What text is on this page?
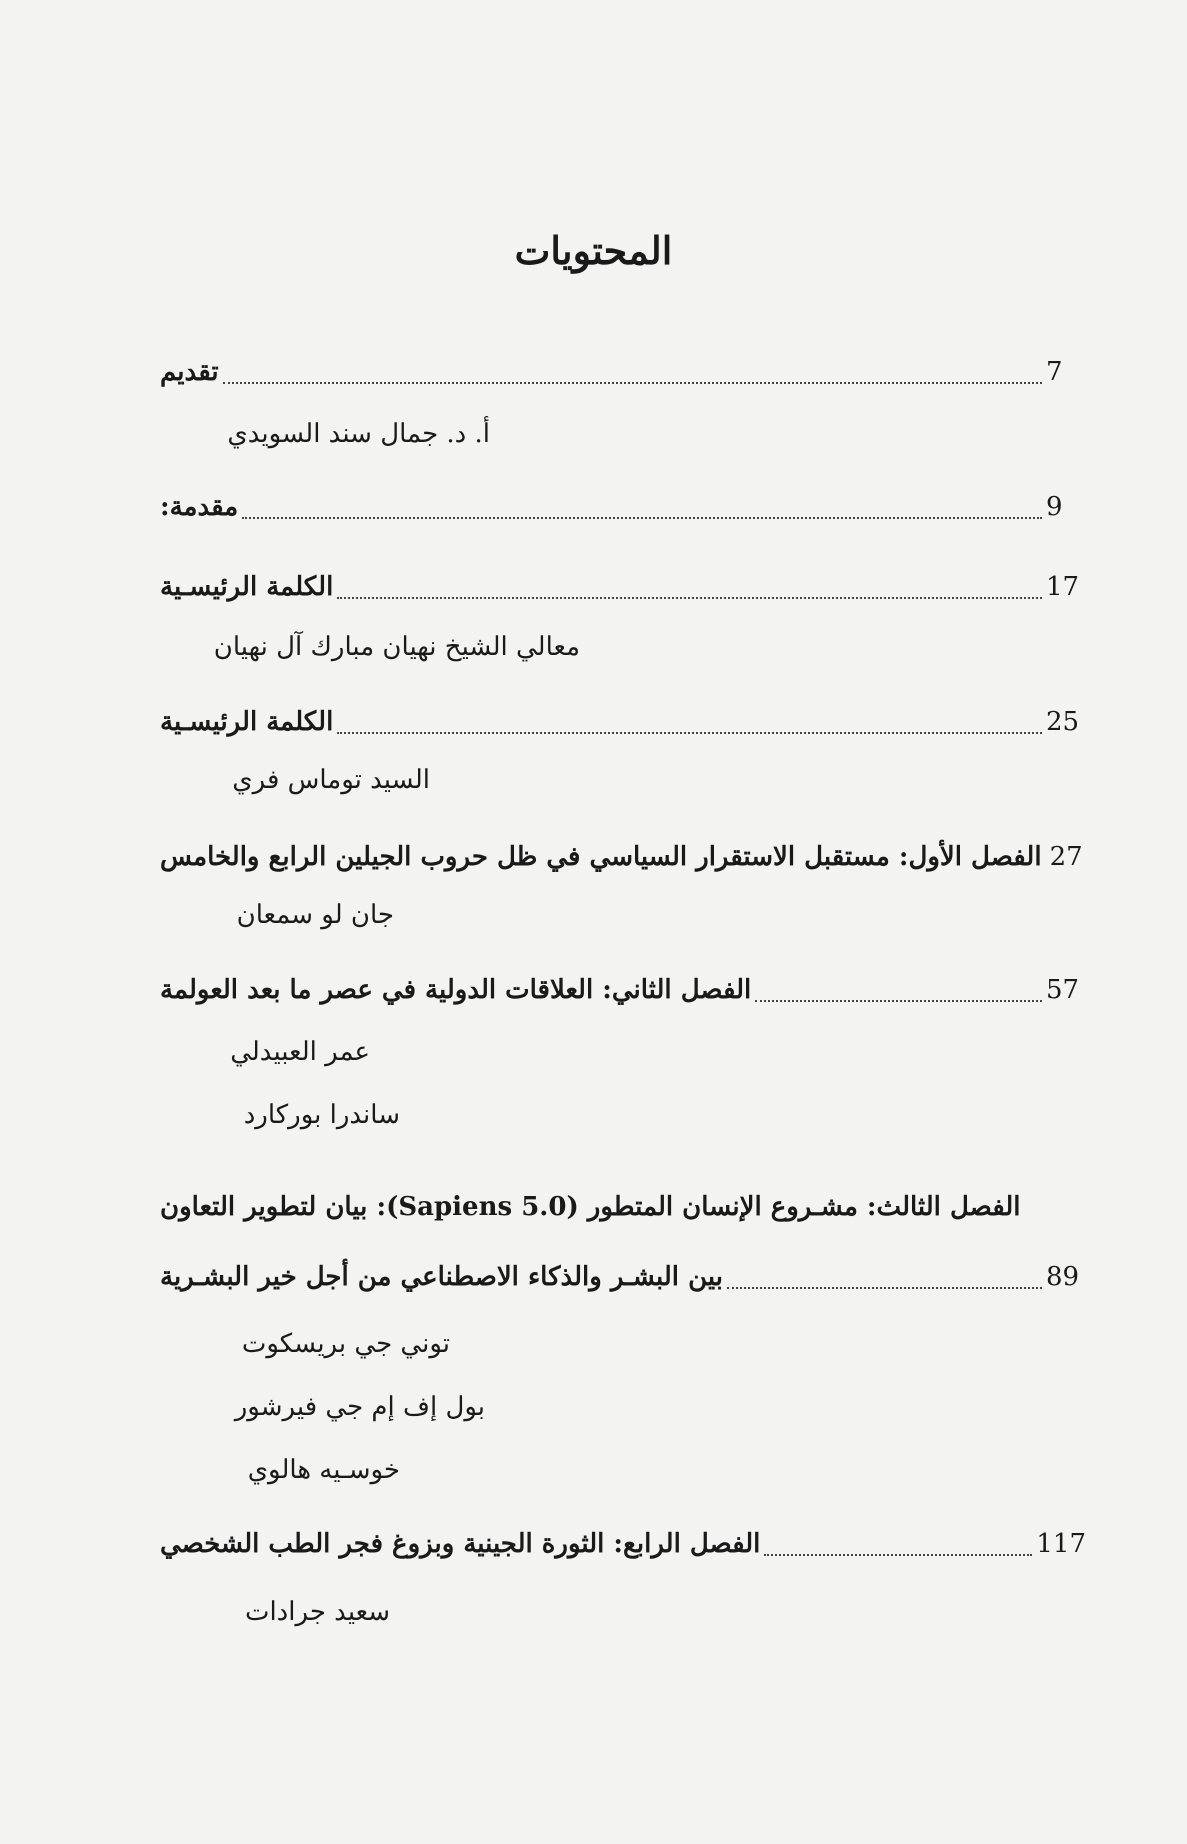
المحتويات
تقديم	7
أ. د. جمال سند السويدي
مقدمة:	9
الكلمة الرئيسـية	17
معالي الشيخ نهيان مبارك آل نهيان
الكلمة الرئيسـية	25
السيد توماس فري
الفصل الأول: مستقبل الاستقرار السياسي في ظل حروب الجيلين الرابع والخامس 27
جان لو سمعان
الفصل الثاني: العلاقات الدولية في عصر ما بعد العولمة	57
عمر العبيدلي
ساندرا بوركارد
الفصل الثالث: مشـروع الإنسان المتطور (Sapiens 5.0): بيان لتطوير التعاون
بين البشـر والذكاء الاصطناعي من أجل خير البشـرية	89
توني جي بريسكوت
بول إف إم جي فيرشور
خوسـيه هالوي
الفصل الرابع: الثورة الجينية وبزوغ فجر الطب الشخصي	117
سعيد جرادات
